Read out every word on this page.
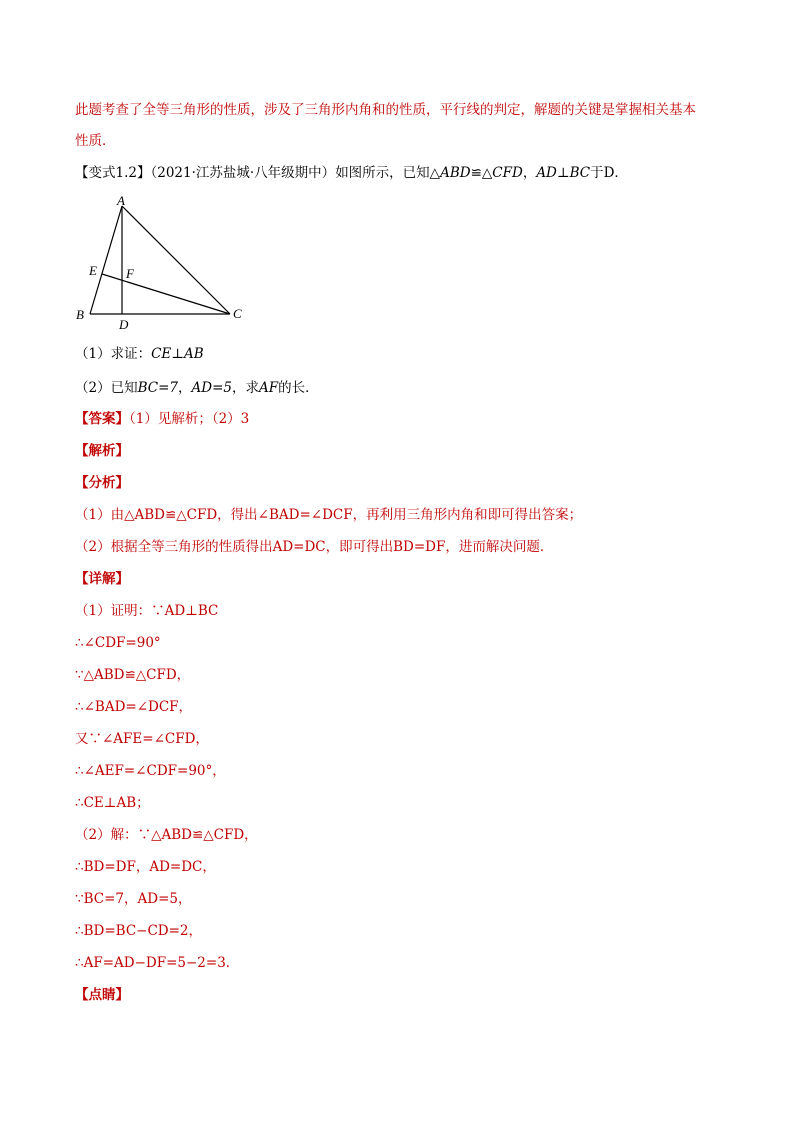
此题考查了全等三角形的性质，涉及了三角形内角和的性质，平行线的判定，解题的关键是掌握相关基本
性质．
【变式1.2】（2021·江苏盐城·八年级期中）如图所示，已知△ABD≌△CFD，AD⊥BC于D．
A
E F
B
D
C
（1）求证：CE⊥AB
（2）已知BC=7，AD=5，求AF的长．
【答案】（1）见解析；（2）3
【解析】
【分析】
（1）由△ABD≌△CFD，得出∠BAD=∠DCF，再利用三角形内角和即可得出答案；
（2）根据全等三角形的性质得出AD=DC，即可得出BD=DF，进而解决问题．
【详解】
（1）证明：∵AD⊥BC
∴∠CDF=90°
∵△ABD≌△CFD，
∴∠BAD=∠DCF，
又∵∠AFE=∠CFD，
∴∠AEF=∠CDF=90°，
∴CE⊥AB；
（2）解：∵△ABD≌△CFD，
∴BD=DF，AD=DC，
∵BC=7，AD=5，
∴BD=BC−CD=2，
∴AF=AD−DF=5−2=3．
【点睛】
